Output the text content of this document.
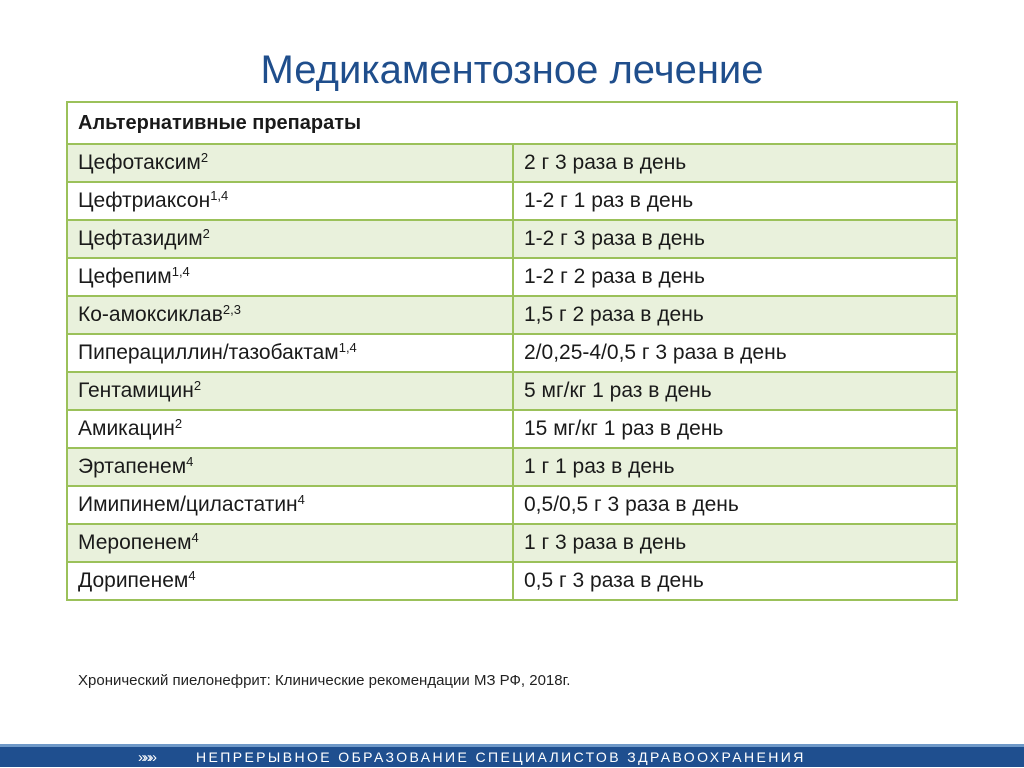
Медикаментозное лечение
Альтернативные препараты	
Цефотаксим$^2$	2 г 3 раза в день
Цефтриаксон$^{1,4}$	1-2 г 1 раз в день
Цефтазидим$^2$	1-2 г 3 раза в день
Цефепим$^{1,4}$	1-2 г 2 раза в день
Ко-амоксиклав$^{2,3}$	1,5 г 2 раза в день
Пиперациллин/тазобактам$^{1,4}$	2/0,25-4/0,5 г 3 раза в день
Гентамицин$^2$	5 мг/кг 1 раз в день
Амикацин$^2$	15 мг/кг 1 раз в день
Эртапенем$^4$	1 г 1 раз в день
Имипинем/циластатин$^4$	0,5/0,5 г 3 раза в день
Меропенем$^4$	1 г 3 раза в день
Дорипенем$^4$	0,5 г 3 раза в день
Хронический пиелонефрит: Клинические рекомендации МЗ РФ, 2018г.
»»»	НЕПРЕРЫВНОЕ ОБРАЗОВАНИЕ СПЕЦИАЛИСТОВ ЗДРАВООХРАНЕНИЯ
